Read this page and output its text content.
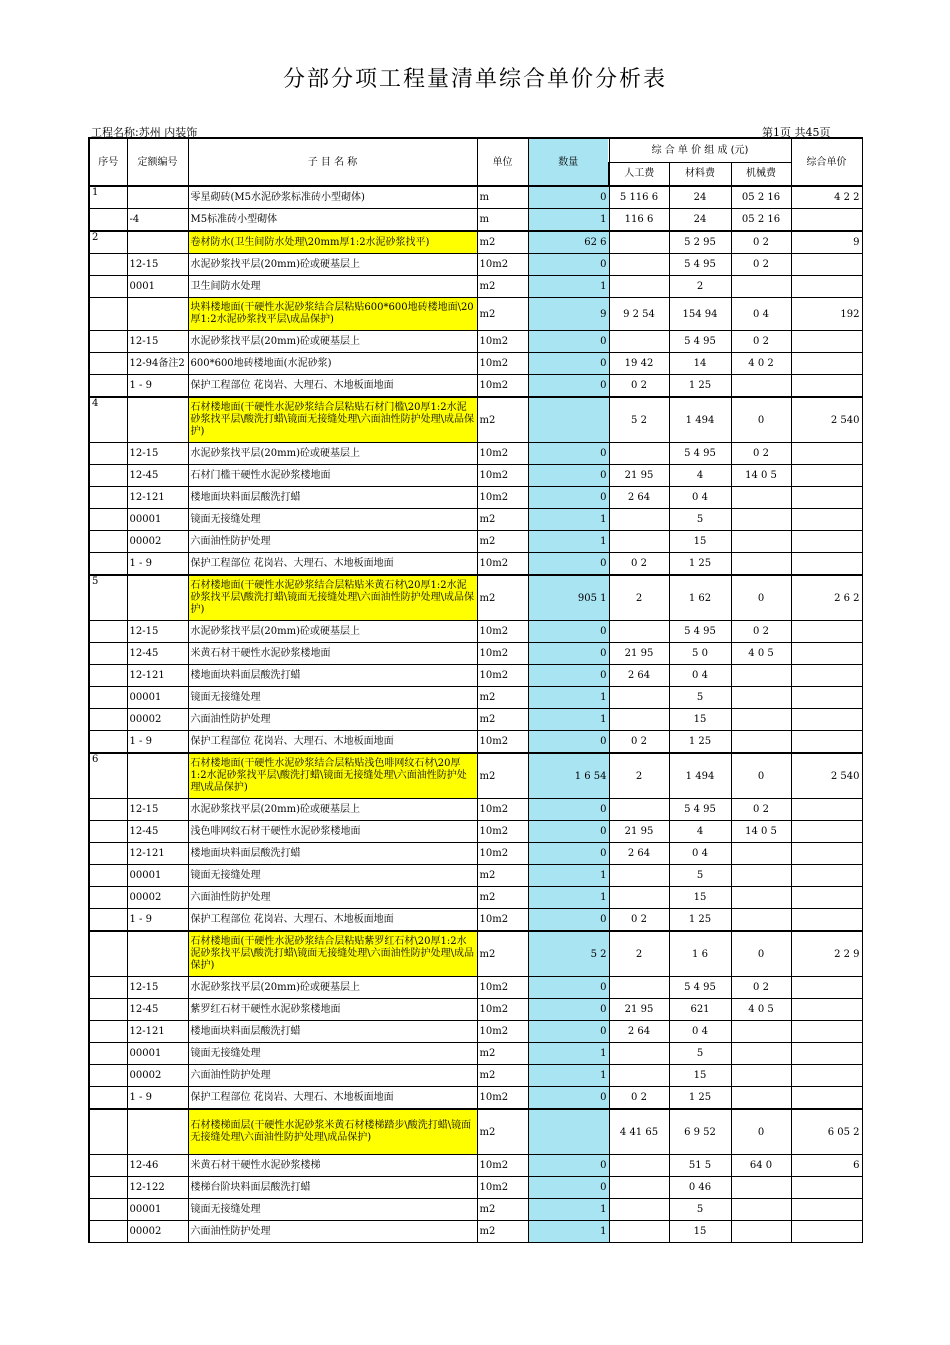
分部分项工程量清单综合单价分析表
工程名称:苏州 内装饰	第1页 共45页
序号	定额编号	子 目 名 称	单位	数量	综 合 单 价 组 成 (元)			综合单价
					人工费	材料费	机械费	
1		零星砌砖(M5水泥砂浆标准砖小型砌体)	m	0	5 116 6	24	05 2 16	4 2 2
	-4	M5标准砖小型砌体	m	1	116 6	24	05 2 16	
2		卷材防水(卫生间防水处理\20mm厚1:2水泥砂浆找平)	m2	62 6		5 2 95	0 2	9
	12-15	水泥砂浆找平层(20mm)砼或硬基层上	10m2	0		5 4 95	0 2	
	0001	卫生间防水处理	m2	1		2		
		块料楼地面(干硬性水泥砂浆结合层粘贴600*600地砖楼地面\20厚1:2水泥砂浆找平层\成品保护)	m2	9	9 2 54	154 94	0 4	192
	12-15	水泥砂浆找平层(20mm)砼或硬基层上	10m2	0		5 4 95	0 2	
	12-94备注2	600*600地砖楼地面(水泥砂浆)	10m2	0	19 42	14	4 0 2	
	1 - 9	保护工程部位 花岗岩、大理石、木地板面地面	10m2	0	0 2	1 25		
4		石材楼地面(干硬性水泥砂浆结合层粘贴石材门槛\20厚1:2水泥砂浆找平层\酸洗打蜡\镜面无接缝处理\六面油性防护处理\成品保护)	m2		5 2	1 494	0	2 540
	12-15	水泥砂浆找平层(20mm)砼或硬基层上	10m2	0		5 4 95	0 2	
	12-45	石材门槛干硬性水泥砂浆楼地面	10m2	0	21 95	4	14 0 5	
	12-121	楼地面块料面层酸洗打蜡	10m2	0	2 64	0 4		
	00001	镜面无接缝处理	m2	1		5		
	00002	六面油性防护处理	m2	1		15		
	1 - 9	保护工程部位 花岗岩、大理石、木地板面地面	10m2	0	0 2	1 25		
5		石材楼地面(干硬性水泥砂浆结合层粘贴米黄石材\20厚1:2水泥砂浆找平层\酸洗打蜡\镜面无接缝处理\六面油性防护处理\成品保护)	m2	905 1	2	1 62	0	2 6 2
	12-15	水泥砂浆找平层(20mm)砼或硬基层上	10m2	0		5 4 95	0 2	
	12-45	米黄石材干硬性水泥砂浆楼地面	10m2	0	21 95	5 0	4 0 5	
	12-121	楼地面块料面层酸洗打蜡	10m2	0	2 64	0 4		
	00001	镜面无接缝处理	m2	1		5		
	00002	六面油性防护处理	m2	1		15		
	1 - 9	保护工程部位 花岗岩、大理石、木地板面地面	10m2	0	0 2	1 25		
6		石材楼地面(干硬性水泥砂浆结合层粘贴浅色啡网纹石材\20厚1:2水泥砂浆找平层\酸洗打蜡\镜面无接缝处理\六面油性防护处理\成品保护)	m2	1 6 54	2	1 494	0	2 540
	12-15	水泥砂浆找平层(20mm)砼或硬基层上	10m2	0		5 4 95	0 2	
	12-45	浅色啡网纹石材干硬性水泥砂浆楼地面	10m2	0	21 95	4	14 0 5	
	12-121	楼地面块料面层酸洗打蜡	10m2	0	2 64	0 4		
	00001	镜面无接缝处理	m2	1		5		
	00002	六面油性防护处理	m2	1		15		
	1 - 9	保护工程部位 花岗岩、大理石、木地板面地面	10m2	0	0 2	1 25		
		石材楼地面(干硬性水泥砂浆结合层粘贴紫罗红石材\20厚1:2水泥砂浆找平层\酸洗打蜡\镜面无接缝处理\六面油性防护处理\成品保护)	m2	5 2	2	1 6	0	2 2 9
	12-15	水泥砂浆找平层(20mm)砼或硬基层上	10m2	0		5 4 95	0 2	
	12-45	紫罗红石材干硬性水泥砂浆楼地面	10m2	0	21 95	621	4 0 5	
	12-121	楼地面块料面层酸洗打蜡	10m2	0	2 64	0 4		
	00001	镜面无接缝处理	m2	1		5		
	00002	六面油性防护处理	m2	1		15		
	1 - 9	保护工程部位 花岗岩、大理石、木地板面地面	10m2	0	0 2	1 25		
		石材楼梯面层(干硬性水泥砂浆米黄石材楼梯踏步\酸洗打蜡\镜面无接缝处理\六面油性防护处理\成品保护)	m2		4 41 65	6 9 52	0	6 05 2
	12-46	米黄石材干硬性水泥砂浆楼梯	10m2	0		51 5	64 0	6
	12-122	楼梯台阶块料面层酸洗打蜡	10m2	0		0 46		
	00001	镜面无接缝处理	m2	1		5		
	00002	六面油性防护处理	m2	1		15		
